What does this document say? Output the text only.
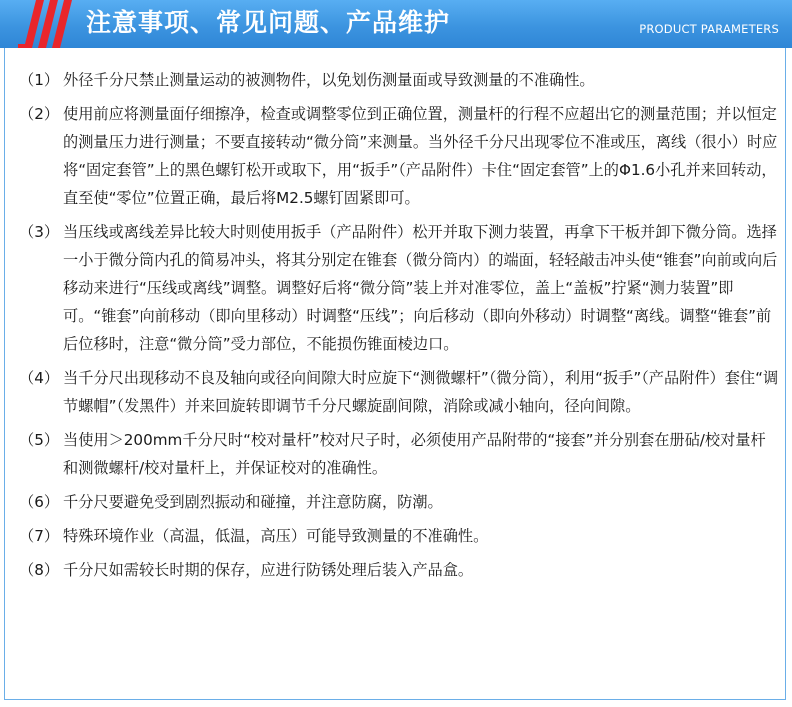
注意事项、常见问题、产品维护	PRODUCT PARAMETERS
（1） 外径千分尺禁止测量运动的被测物件，以免划伤测量面或导致测量的不准确性。
（2） 使用前应将测量面仔细擦净，检查或调整零位到正确位置，测量杆的行程不应超出它的测量范围；并以恒定的测量压力进行测量；不要直接转动“微分筒”来测量。当外径千分尺出现零位不准或压，离线（很小）时应将“固定套管”上的黑色螺钉松开或取下，用“扳手”（产品附件）卡住“固定套管”上的Φ1.6小孔并来回转动，直至使“零位”位置正确，最后将M2.5螺钉固紧即可。
（3） 当压线或离线差异比较大时则使用扳手（产品附件）松开并取下测力装置，再拿下干板并卸下微分筒。选择一小于微分筒内孔的简易冲头，将其分别定在锥套（微分筒内）的端面，轻轻敲击冲头使“锥套”向前或向后移动来进行“压线或离线”调整。调整好后将“微分筒”装上并对准零位，盖上“盖板”拧紧“测力装置”即可。“锥套”向前移动（即向里移动）时调整“压线”；向后移动（即向外移动）时调整“离线。调整“锥套”前后位移时，注意“微分筒”受力部位，不能损伤锥面棱边口。
（4） 当千分尺出现移动不良及轴向或径向间隙大时应旋下“测微螺杆”（微分筒），利用“扳手”（产品附件）套住“调节螺帽”（发黑件）并来回旋转即调节千分尺螺旋副间隙，消除或减小轴向，径向间隙。
（5） 当使用＞200mm千分尺时“校对量杆”校对尺子时，必须使用产品附带的“接套”并分别套在册砧/校对量杆和测微螺杆/校对量杆上，并保证校对的准确性。
（6） 千分尺要避免受到剧烈振动和碰撞，并注意防腐，防潮。
（7） 特殊环境作业（高温，低温，高压）可能导致测量的不准确性。
（8） 千分尺如需较长时期的保存，应进行防锈处理后装入产品盒。
